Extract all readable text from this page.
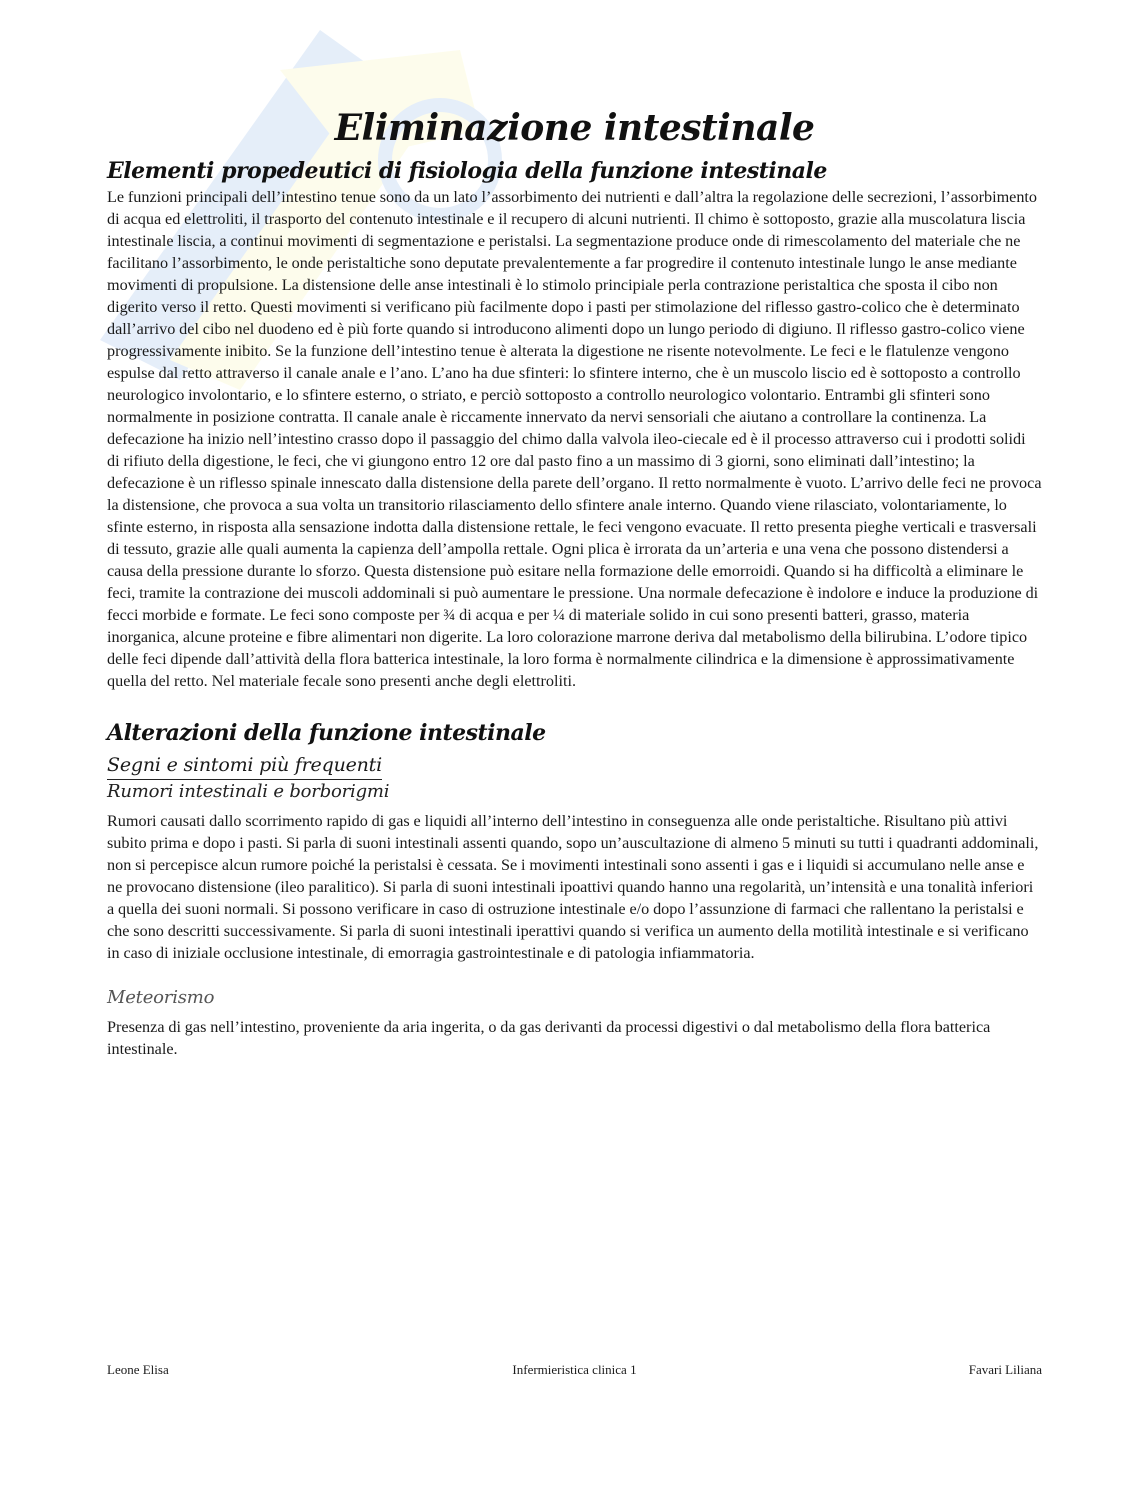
Eliminazione intestinale
Elementi propedeutici di fisiologia della funzione intestinale

Le funzioni principali dell’intestino tenue sono da un lato l’assorbimento dei nutrienti e dall’altra la regolazione delle secrezioni, l’assorbimento di acqua ed elettroliti, il trasporto del contenuto intestinale e il recupero di alcuni nutrienti. Il chimo è sottoposto, grazie alla muscolatura liscia intestinale liscia, a continui movimenti di segmentazione e peristalsi. La segmentazione produce onde di rimescolamento del materiale che ne facilitano l’assorbimento, le onde peristaltiche sono deputate prevalentemente a far progredire il contenuto intestinale lungo le anse mediante movimenti di propulsione. La distensione delle anse intestinali è lo stimolo principiale perla contrazione peristaltica che sposta il cibo non digerito verso il retto. Questi movimenti si verificano più facilmente dopo i pasti per stimolazione del riflesso gastro-colico che è determinato dall’arrivo del cibo nel duodeno ed è più forte quando si introducono alimenti dopo un lungo periodo di digiuno. Il riflesso gastro-colico viene progressivamente inibito. Se la funzione dell’intestino tenue è alterata la digestione ne risente notevolmente. Le feci e le flatulenze vengono espulse dal retto attraverso il canale anale e l’ano. L’ano ha due sfinteri: lo sfintere interno, che è un muscolo liscio ed è sottoposto a controllo neurologico involontario, e lo sfintere esterno, o striato, e perciò sottoposto a controllo neurologico volontario. Entrambi gli sfinteri sono normalmente in posizione contratta. Il canale anale è riccamente innervato da nervi sensoriali che aiutano a controllare la continenza. La defecazione ha inizio nell’intestino crasso dopo il passaggio del chimo dalla valvola ileo-ciecale ed è il processo attraverso cui i prodotti solidi di rifiuto della digestione, le feci, che vi giungono entro 12 ore dal pasto fino a un massimo di 3 giorni, sono eliminati dall’intestino; la defecazione è un riflesso spinale innescato dalla distensione della parete dell’organo. Il retto normalmente è vuoto. L’arrivo delle feci ne provoca la distensione, che provoca a sua volta un transitorio rilasciamento dello sfintere anale interno. Quando viene rilasciato, volontariamente, lo sfinte esterno, in risposta alla sensazione indotta dalla distensione rettale, le feci vengono evacuate. Il retto presenta pieghe verticali e trasversali di tessuto, grazie alle quali aumenta la capienza dell’ampolla rettale. Ogni plica è irrorata da un’arteria e una vena che possono distendersi a causa della pressione durante lo sforzo. Questa distensione può esitare nella formazione delle emorroidi. Quando si ha difficoltà a eliminare le feci, tramite la contrazione dei muscoli addominali si può aumentare le pressione. Una normale defecazione è indolore e induce la produzione di fecci morbide e formate. Le feci sono composte per ¾ di acqua e per ¼ di materiale solido in cui sono presenti batteri, grasso, materia inorganica, alcune proteine e fibre alimentari non digerite. La loro colorazione marrone deriva dal metabolismo della bilirubina. L’odore tipico delle feci dipende dall’attività della flora batterica intestinale, la loro forma è normalmente cilindrica e la dimensione è approssimativamente quella del retto. Nel materiale fecale sono presenti anche degli elettroliti.

Alterazioni della funzione intestinale
Segni e sintomi più frequenti
Rumori intestinali e borborigmi

Rumori causati dallo scorrimento rapido di gas e liquidi all’interno dell’intestino in conseguenza alle onde peristaltiche. Risultano più attivi subito prima e dopo i pasti. Si parla di suoni intestinali assenti quando, sopo un’auscultazione di almeno 5 minuti su tutti i quadranti addominali, non si percepisce alcun rumore poiché la peristalsi è cessata. Se i movimenti intestinali sono assenti i gas e i liquidi si accumulano nelle anse e ne provocano distensione (ileo paralitico). Si parla di suoni intestinali ipoattivi quando hanno una regolarità, un’intensità e una tonalità inferiori a quella dei suoni normali. Si possono verificare in caso di ostruzione intestinale e/o dopo l’assunzione di farmaci che rallentano la peristalsi e che sono descritti successivamente. Si parla di suoni intestinali iperattivi quando si verifica un aumento della motilità intestinale e si verificano in caso di iniziale occlusione intestinale, di emorragia gastrointestinale e di patologia infiammatoria.

Meteorismo

Presenza di gas nell’intestino, proveniente da aria ingerita, o da gas derivanti da processi digestivi o dal metabolismo della flora batterica intestinale.

Leone Elisa	Infermieristica clinica 1	Favari Liliana
